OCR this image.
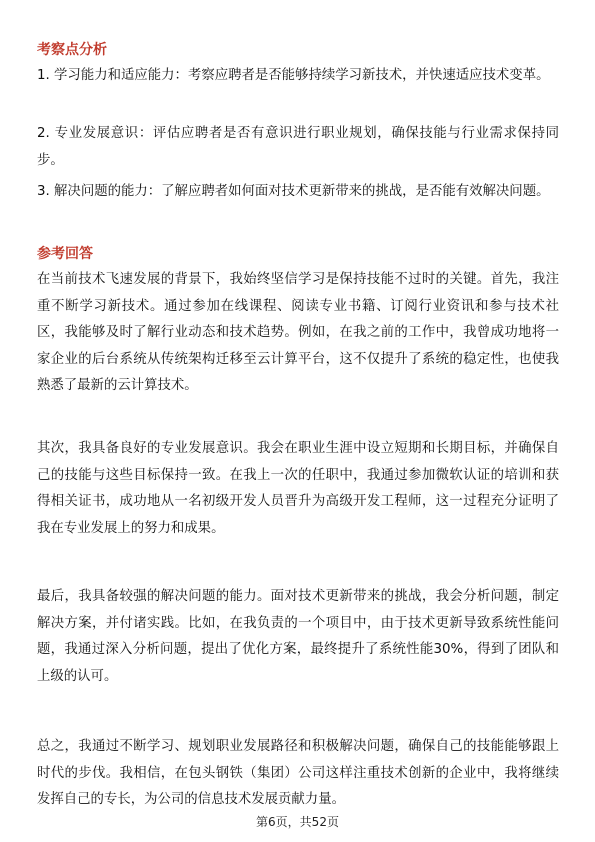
考察点分析

1. 学习能力和适应能力：考察应聘者是否能够持续学习新技术，并快速适应技术变革。

2. 专业发展意识：评估应聘者是否有意识进行职业规划，确保技能与行业需求保持同步。

3. 解决问题的能力：了解应聘者如何面对技术更新带来的挑战，是否能有效解决问题。

参考回答

在当前技术飞速发展的背景下，我始终坚信学习是保持技能不过时的关键。首先，我注重不断学习新技术。通过参加在线课程、阅读专业书籍、订阅行业资讯和参与技术社区，我能够及时了解行业动态和技术趋势。例如，在我之前的工作中，我曾成功地将一家企业的后台系统从传统架构迁移至云计算平台，这不仅提升了系统的稳定性，也使我熟悉了最新的云计算技术。

其次，我具备良好的专业发展意识。我会在职业生涯中设立短期和长期目标，并确保自己的技能与这些目标保持一致。在我上一次的任职中，我通过参加微软认证的培训和获得相关证书，成功地从一名初级开发人员晋升为高级开发工程师，这一过程充分证明了我在专业发展上的努力和成果。

最后，我具备较强的解决问题的能力。面对技术更新带来的挑战，我会分析问题，制定解决方案，并付诸实践。比如，在我负责的一个项目中，由于技术更新导致系统性能问题，我通过深入分析问题，提出了优化方案，最终提升了系统性能30%，得到了团队和上级的认可。

总之，我通过不断学习、规划职业发展路径和积极解决问题，确保自己的技能能够跟上时代的步伐。我相信，在包头钢铁（集团）公司这样注重技术创新的企业中，我将继续发挥自己的专长，为公司的信息技术发展贡献力量。

第6页，共52页
